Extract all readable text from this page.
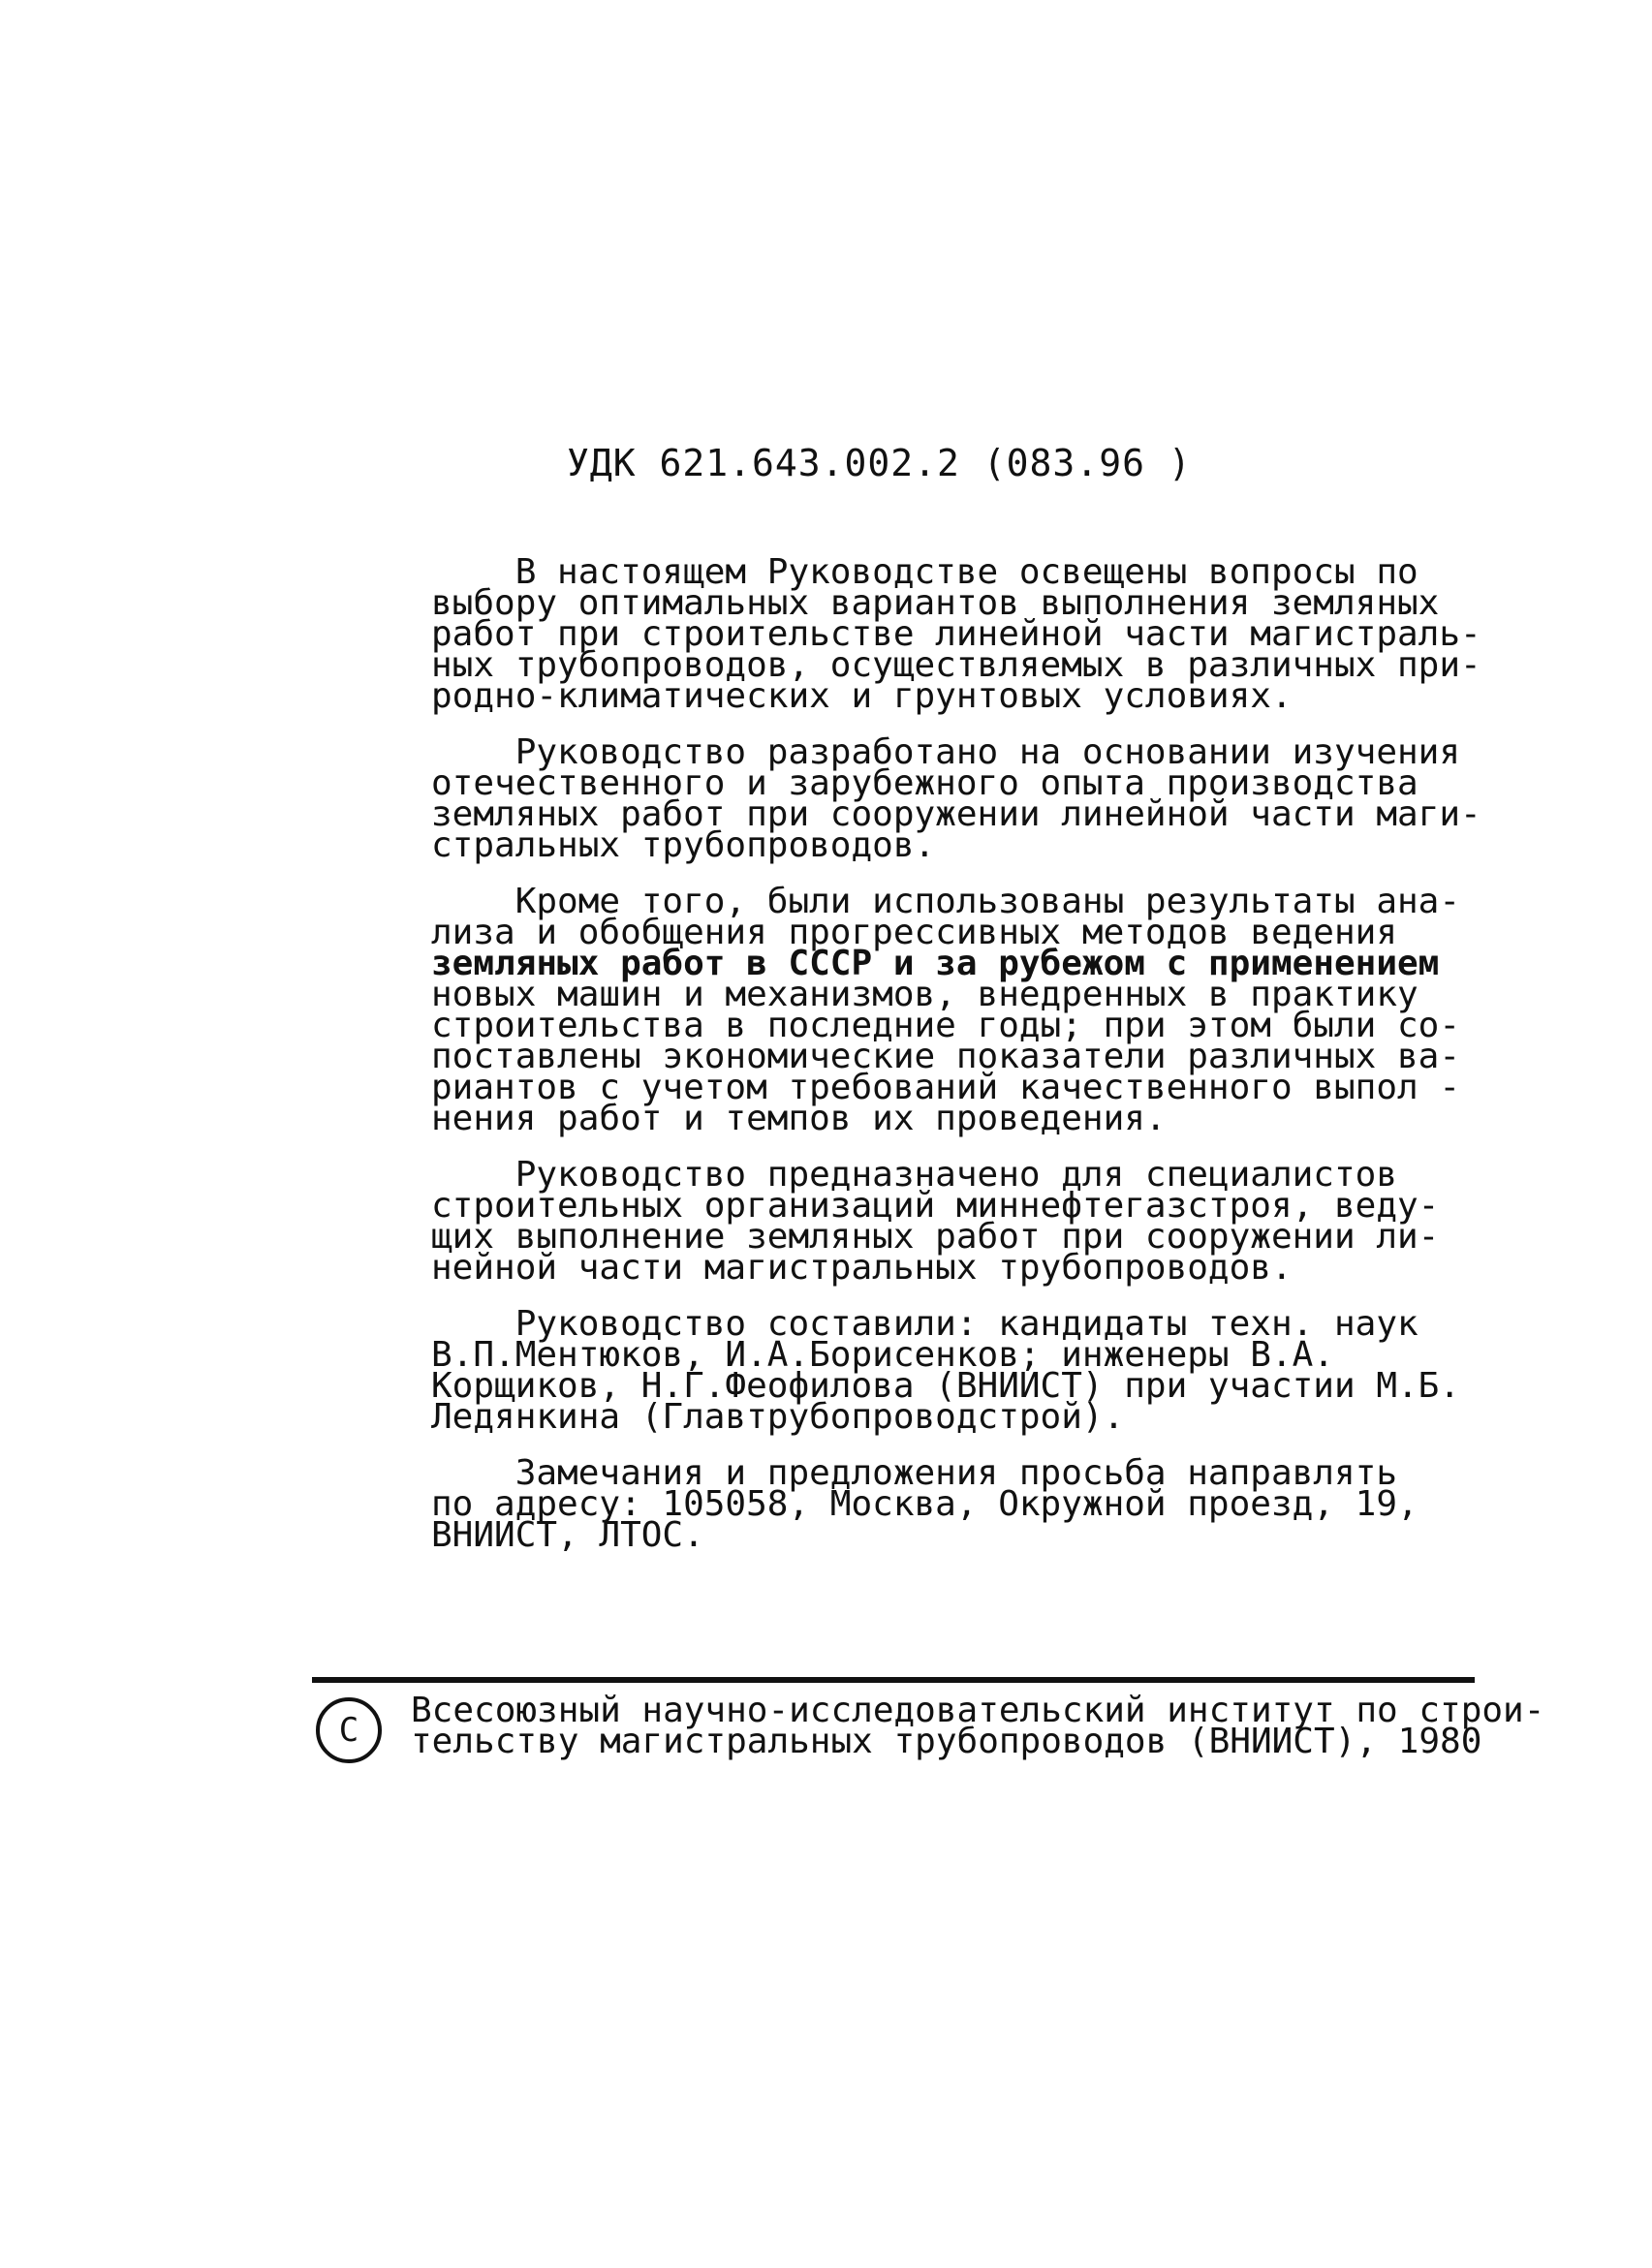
УДК 621.643.002.2 (083.96 )
В настоящем Руководстве освещены вопросы по
выбору оптимальных вариантов выполнения земляных
работ при строительстве линейной части магистраль-
ных трубопроводов, осуществляемых в различных при-
родно-климатических и грунтовых условиях.
Руководство разработано на основании изучения
отечественного и зарубежного опыта производства
земляных работ при сооружении линейной части маги-
стральных трубопроводов.
Кроме того, были использованы результаты ана-
лиза и обобщения прогрессивных методов ведения
земляных работ в СССР и за рубежом с применением
новых машин и механизмов, внедренных в практику
строительства в последние годы; при этом были со-
поставлены экономические показатели различных ва-
риантов с учетом требований качественного выпол -
нения работ и темпов их проведения.
Руководство предназначено для специалистов
строительных организаций миннефтегазстроя, веду-
щих выполнение земляных работ при сооружении ли-
нейной части магистральных трубопроводов.
Руководство составили: кандидаты техн. наук
В.П.Ментюков, И.А.Борисенков; инженеры В.А.
Корщиков, Н.Г.Феофилова (ВНИИСТ) при участии М.Б.
Ледянкина (Главтрубопроводстрой).
Замечания и предложения просьба направлять
по адресу: 105058, Москва, Окружной проезд, 19,
ВНИИСТ, ЛТОС.
С	Всесоюзный научно-исследовательский институт по строи-
тельству магистральных трубопроводов (ВНИИСТ), 1980
